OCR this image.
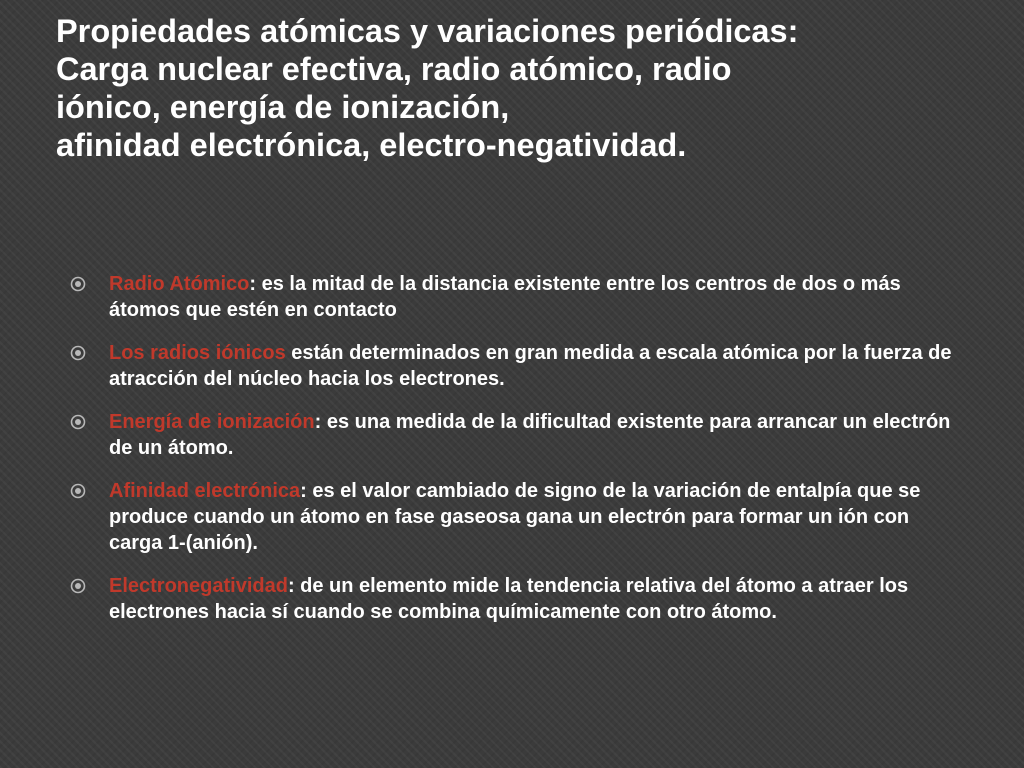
Propiedades atómicas y variaciones periódicas:
Carga nuclear efectiva, radio atómico, radio
iónico, energía de ionización,
afinidad electrónica, electro-negatividad.
Radio Atómico: es la mitad de la distancia existente entre los centros de dos o más átomos que estén en contacto
Los radios iónicos están determinados en gran medida a escala atómica por la fuerza de atracción del núcleo hacia los electrones.
Energía de ionización: es una medida de la dificultad existente para arrancar un electrón de un átomo.
Afinidad electrónica: es el valor cambiado de signo de la variación de entalpía que se produce cuando un átomo en fase gaseosa gana un electrón para formar un ión con carga 1-(anión).
Electronegatividad: de un elemento mide la tendencia relativa del átomo a atraer los electrones hacia sí cuando se combina químicamente con otro átomo.
